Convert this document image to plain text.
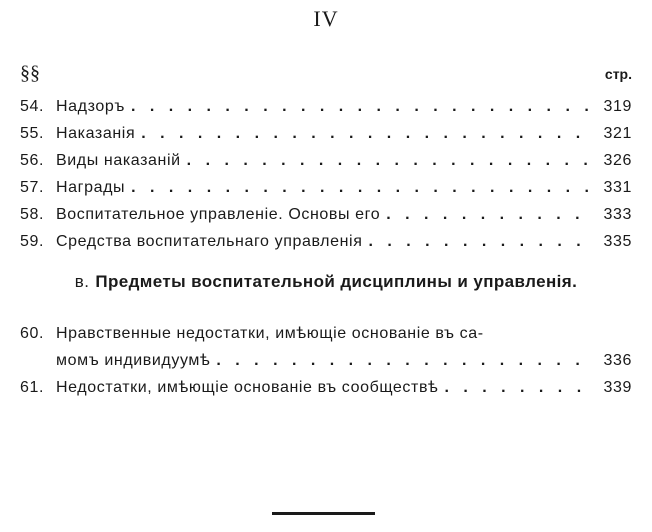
IV
§§	стр.
54. Надзоръ . . .	319
55. Наказанія . . .	321
56. Виды наказаній . . .	326
57. Награды . . .	331
58. Воспитательное управленіе. Основы его . . .	333
59. Средства воспитательнаго управленія . . .	335
в. Предметы воспитательной дисциплины и управленія.
60. Нравственные недостатки, имѣющіе основаніе въ са-
момъ индивидуумѣ . . .	336
61. Недостатки, имѣющіе основаніе въ сообществѣ . . .	339
